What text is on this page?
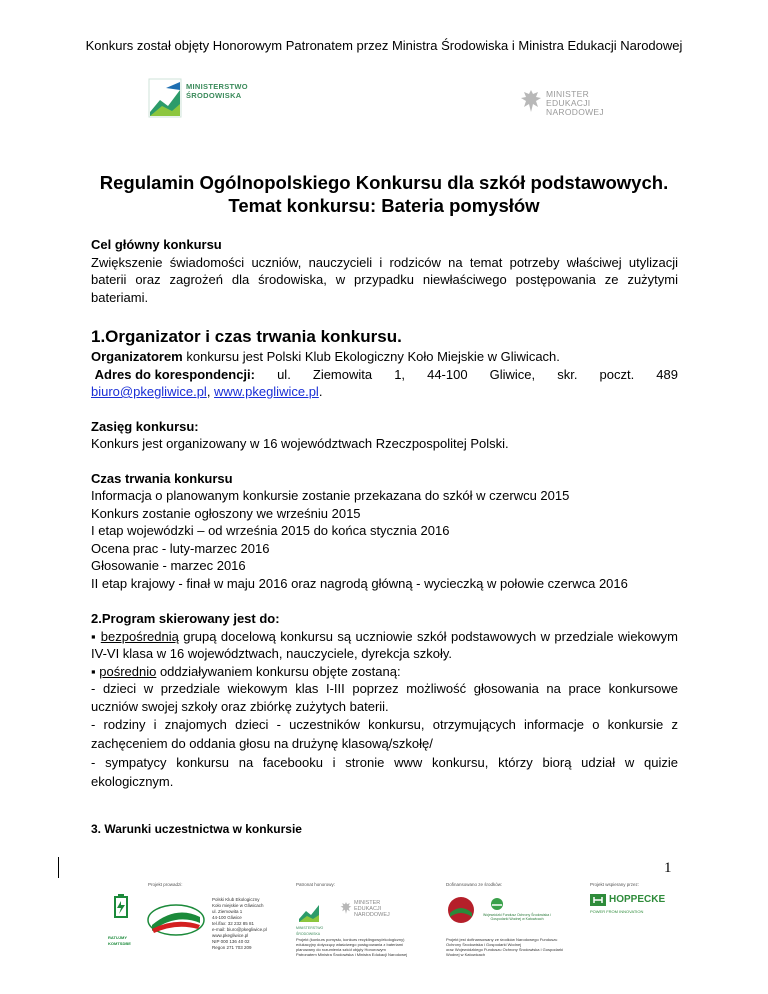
Konkurs został objęty Honorowym Patronatem przez Ministra Środowiska i Ministra Edukacji Narodowej
MINISTERSTWO
ŚRODOWISKA	MINISTER
EDUKACJI
NARODOWEJ
Regulamin Ogólnopolskiego Konkursu dla szkół podstawowych.
Temat konkursu: Bateria pomysłów

Cel główny konkursu

Zwiększenie świadomości uczniów, nauczycieli i rodziców na temat potrzeby właściwej utylizacji baterii oraz zagrożeń dla środowiska, w przypadku niewłaściwego postępowania ze zużytymi bateriami.

1.Organizator i czas trwania konkursu.

Organizatorem konkursu jest Polski Klub Ekologiczny Koło Miejskie w Gliwicach.

Adres do korespondencji: ul. Ziemowita 1, 44-100 Gliwice, skr. poczt. 489

biuro@pkegliwice.pl, www.pkegliwice.pl.

Zasięg konkursu:

Konkurs jest organizowany w 16 województwach Rzeczpospolitej Polski.

Czas trwania konkursu

Informacja o planowanym konkursie zostanie przekazana do szkół w czerwcu 2015

Konkurs zostanie ogłoszony we wrześniu 2015

I etap wojewódzki – od września 2015 do końca stycznia 2016

Ocena prac - luty-marzec 2016

Głosowanie - marzec 2016

II etap krajowy - finał w maju 2016 oraz nagrodą główną - wycieczką w połowie czerwca 2016

2.Program skierowany jest do:

▪ bezpośrednią grupą docelową konkursu są uczniowie szkół podstawowych w przedziale wiekowym IV-VI klasa w 16 województwach, nauczyciele, dyrekcja szkoły.

▪ pośrednio oddziaływaniem konkursu objęte zostaną:

- dzieci w przedziale wiekowym klas I-III poprzez możliwość głosowania na prace konkursowe uczniów swojej szkoły oraz zbiórkę zużytych baterii.

- rodziny i znajomych dzieci - uczestników konkursu, otrzymujących informacje o konkursie z zachęceniem do oddania głosu na drużynę klasową/szkołę/

- sympatycy konkursu na facebooku i stronie www konkursu, którzy biorą udział w quizie ekologicznym.

3. Warunki uczestnictwa w konkursie
1
Projekt prowadzi:
RATUJMY KOMTSDBE
Polski Klub Ekologiczny
Koło miejskie w Gliwicach
ul. Ziemowita 1
44-100 Gliwice
tel./fax: 32 232 85 81
e-mail: biuro@pkegliwice.pl
www.pkegliwice.pl
NIP 000 136 40 02
Regon 271 703 209
Patronat honorowy:
MINISTERSTWO ŚRODOWISKA
MINISTER
EDUKACJI
NARODOWEJ
Projekt (konkurs pomysłu, konkurs recyklingowy/ekologiczny)
edukacyjny dotyczący właściwego postępowania z bateriami
planowany do rozumienia szkół objęty Honorowym
Patronatem Ministra Środowiska i Ministra Edukacji Narodowej
Dofinansowano ze środków:
Wojewódzki Fundusz Ochrony Środowiska i Gospodarki Wodnej w Katowicach
Projekt jest dofinansowany ze środków Narodowego Funduszu
Ochrony Środowiska i Gospodarki Wodnej
oraz Wojewódzkiego Funduszu Ochrony Środowiska i Gospodarki
Wodnej w Katowicach
Projekt wspierany przez:
HOPPECKE
POWER FROM INNOVATION
